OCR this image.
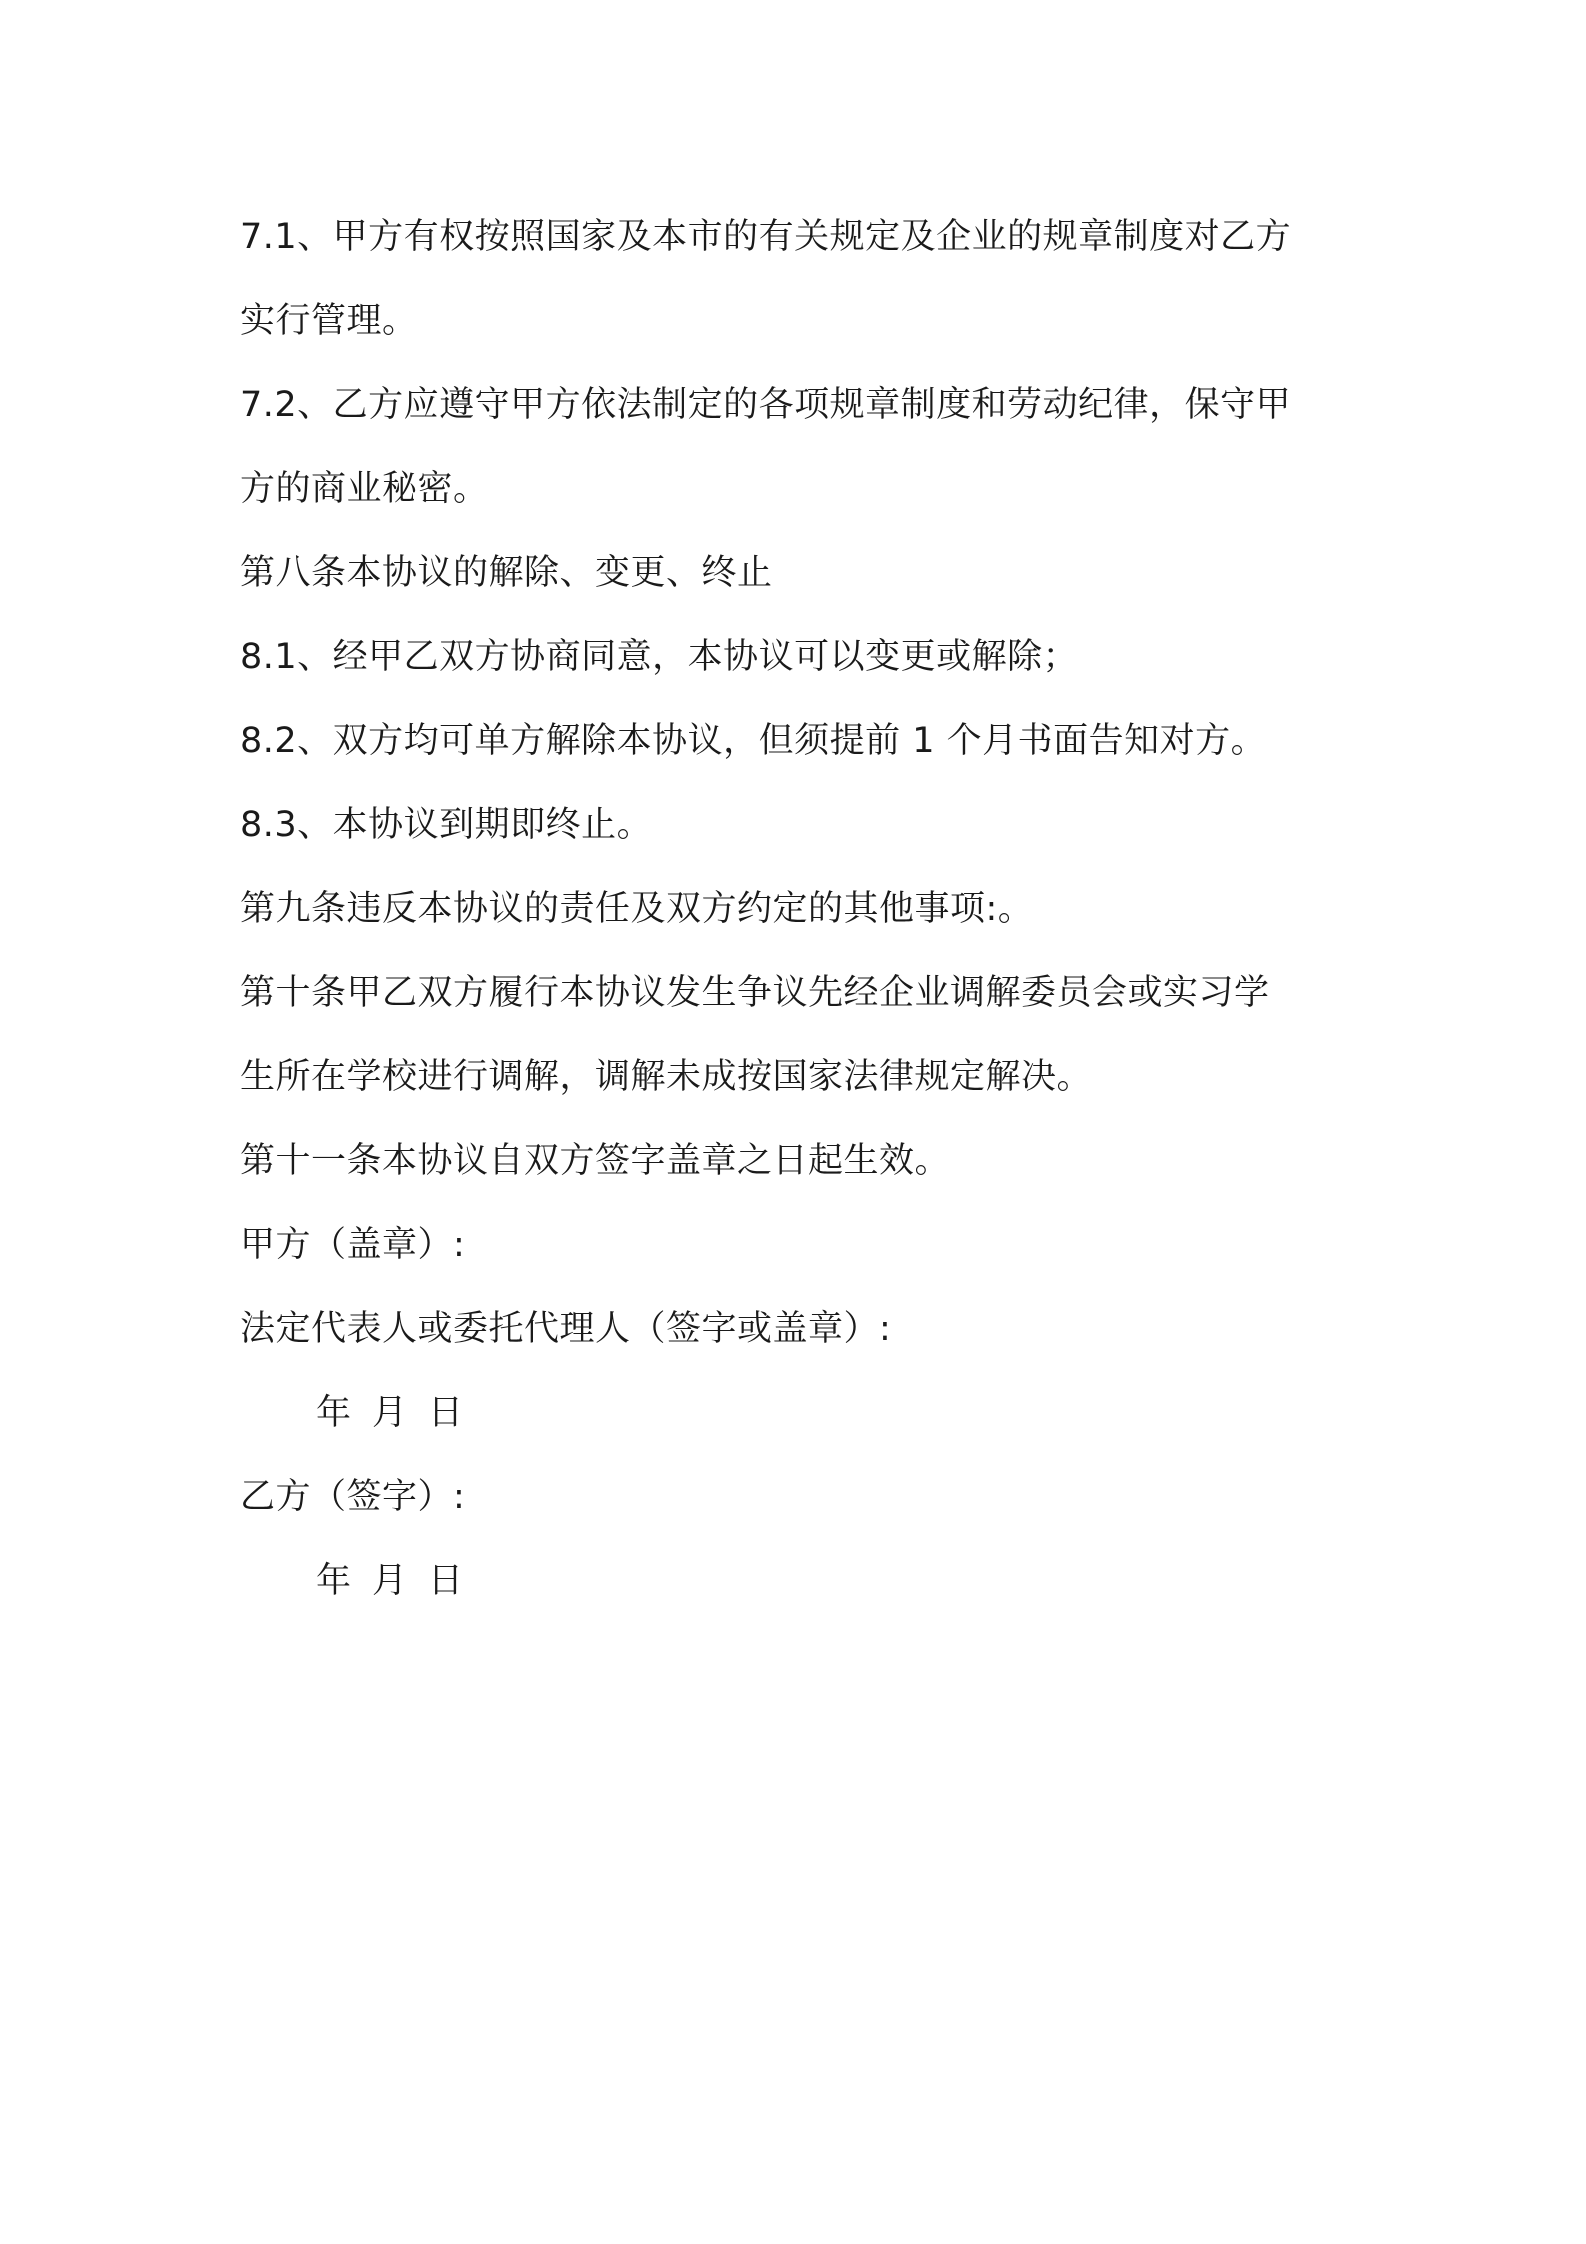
7.1、甲方有权按照国家及本市的有关规定及企业的规章制度对乙方
实行管理。
7.2、乙方应遵守甲方依法制定的各项规章制度和劳动纪律，保守甲
方的商业秘密。
第八条本协议的解除、变更、终止
8.1、经甲乙双方协商同意，本协议可以变更或解除；
8.2、双方均可单方解除本协议，但须提前 1 个月书面告知对方。
8.3、本协议到期即终止。
第九条违反本协议的责任及双方约定的其他事项:。
第十条甲乙双方履行本协议发生争议先经企业调解委员会或实习学
生所在学校进行调解，调解未成按国家法律规定解决。
第十一条本协议自双方签字盖章之日起生效。
甲方（盖章）:
法定代表人或委托代理人（签字或盖章）:
年 月 日
乙方（签字）:
年 月 日
